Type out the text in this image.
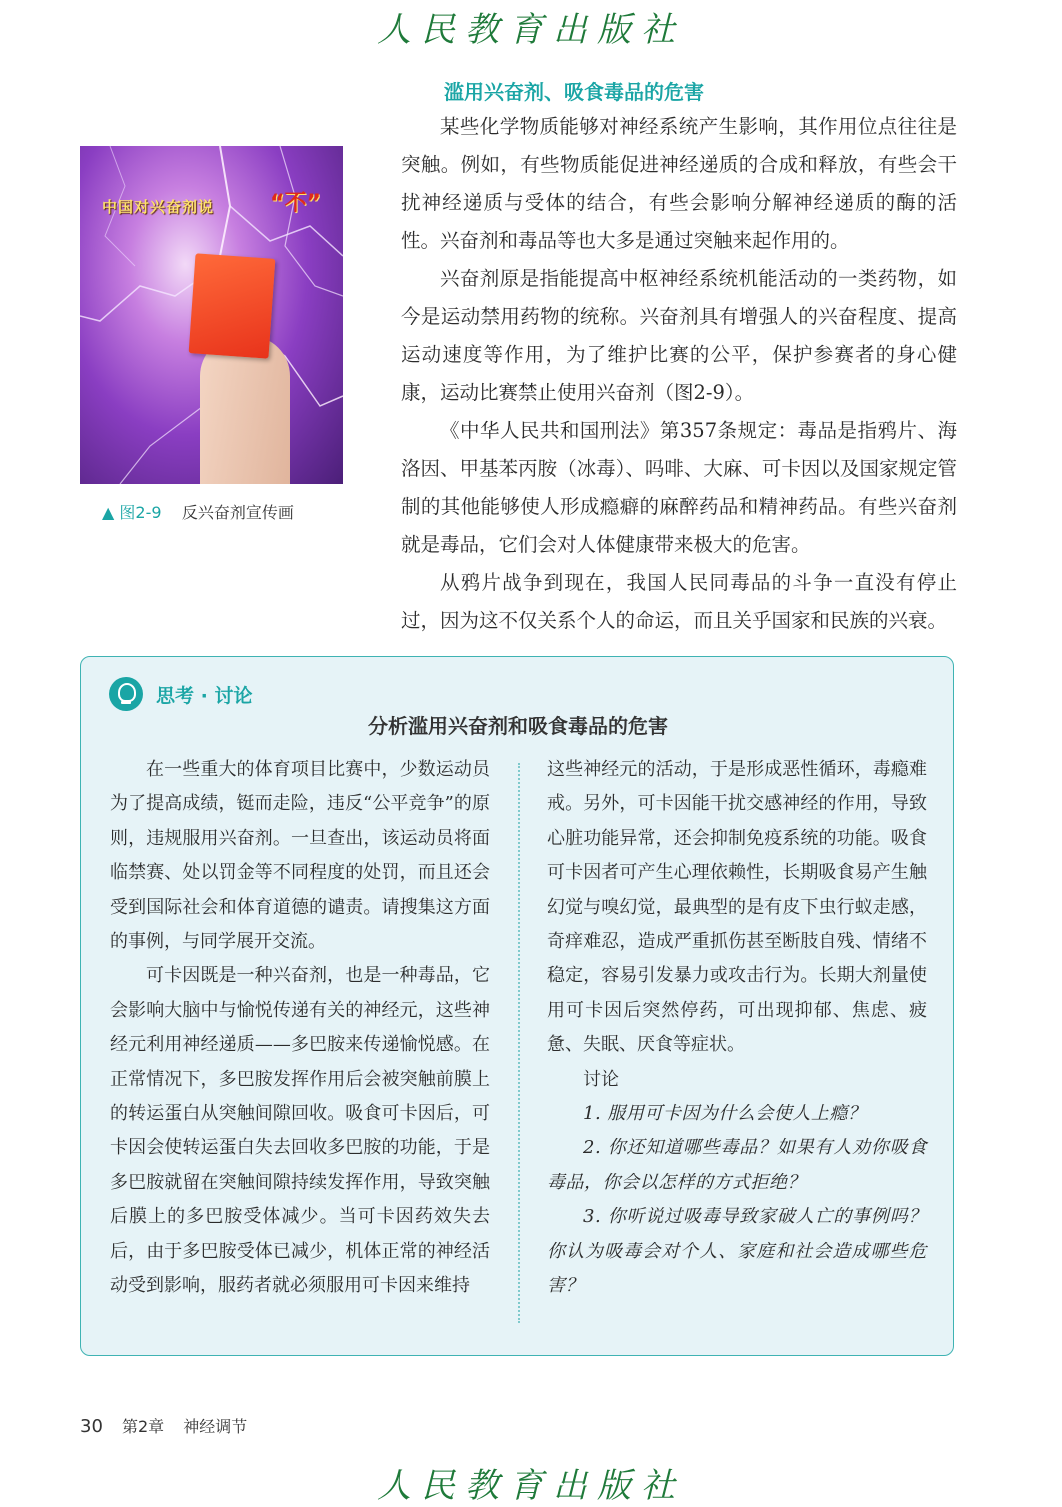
人民教育出版社
滥用兴奋剂、吸食毒品的危害

某些化学物质能够对神经系统产生影响，其作用位点往往是突触。例如，有些物质能促进神经递质的合成和释放，有些会干扰神经递质与受体的结合，有些会影响分解神经递质的酶的活性。兴奋剂和毒品等也大多是通过突触来起作用的。

兴奋剂原是指能提高中枢神经系统机能活动的一类药物，如今是运动禁用药物的统称。兴奋剂具有增强人的兴奋程度、提高运动速度等作用，为了维护比赛的公平，保护参赛者的身心健康，运动比赛禁止使用兴奋剂（图2-9）。

《中华人民共和国刑法》第357条规定：毒品是指鸦片、海洛因、甲基苯丙胺（冰毒）、吗啡、大麻、可卡因以及国家规定管制的其他能够使人形成瘾癖的麻醉药品和精神药品。有些兴奋剂就是毒品，它们会对人体健康带来极大的危害。

从鸦片战争到现在，我国人民同毒品的斗争一直没有停止过，因为这不仅关系个人的命运，而且关乎国家和民族的兴衰。

中国对兴奋剂说	“不”
▲ 图2-9 反兴奋剂宣传画
思考 · 讨论
分析滥用兴奋剂和吸食毒品的危害

在一些重大的体育项目比赛中，少数运动员为了提高成绩，铤而走险，违反“公平竞争”的原则，违规服用兴奋剂。一旦查出，该运动员将面临禁赛、处以罚金等不同程度的处罚，而且还会受到国际社会和体育道德的谴责。请搜集这方面的事例，与同学展开交流。

可卡因既是一种兴奋剂，也是一种毒品，它会影响大脑中与愉悦传递有关的神经元，这些神经元利用神经递质——多巴胺来传递愉悦感。在正常情况下，多巴胺发挥作用后会被突触前膜上的转运蛋白从突触间隙回收。吸食可卡因后，可卡因会使转运蛋白失去回收多巴胺的功能，于是多巴胺就留在突触间隙持续发挥作用，导致突触后膜上的多巴胺受体减少。当可卡因药效失去后，由于多巴胺受体已减少，机体正常的神经活动受到影响，服药者就必须服用可卡因来维持

这些神经元的活动，于是形成恶性循环，毒瘾难戒。另外，可卡因能干扰交感神经的作用，导致心脏功能异常，还会抑制免疫系统的功能。吸食可卡因者可产生心理依赖性，长期吸食易产生触幻觉与嗅幻觉，最典型的是有皮下虫行蚁走感，奇痒难忍，造成严重抓伤甚至断肢自残、情绪不稳定，容易引发暴力或攻击行为。长期大剂量使用可卡因后突然停药，可出现抑郁、焦虑、疲惫、失眠、厌食等症状。

讨论

1. 服用可卡因为什么会使人上瘾？

2. 你还知道哪些毒品？如果有人劝你吸食毒品，你会以怎样的方式拒绝？

3. 你听说过吸毒导致家破人亡的事例吗？你认为吸毒会对个人、家庭和社会造成哪些危害？

30 第2章 神经调节
人民教育出版社
